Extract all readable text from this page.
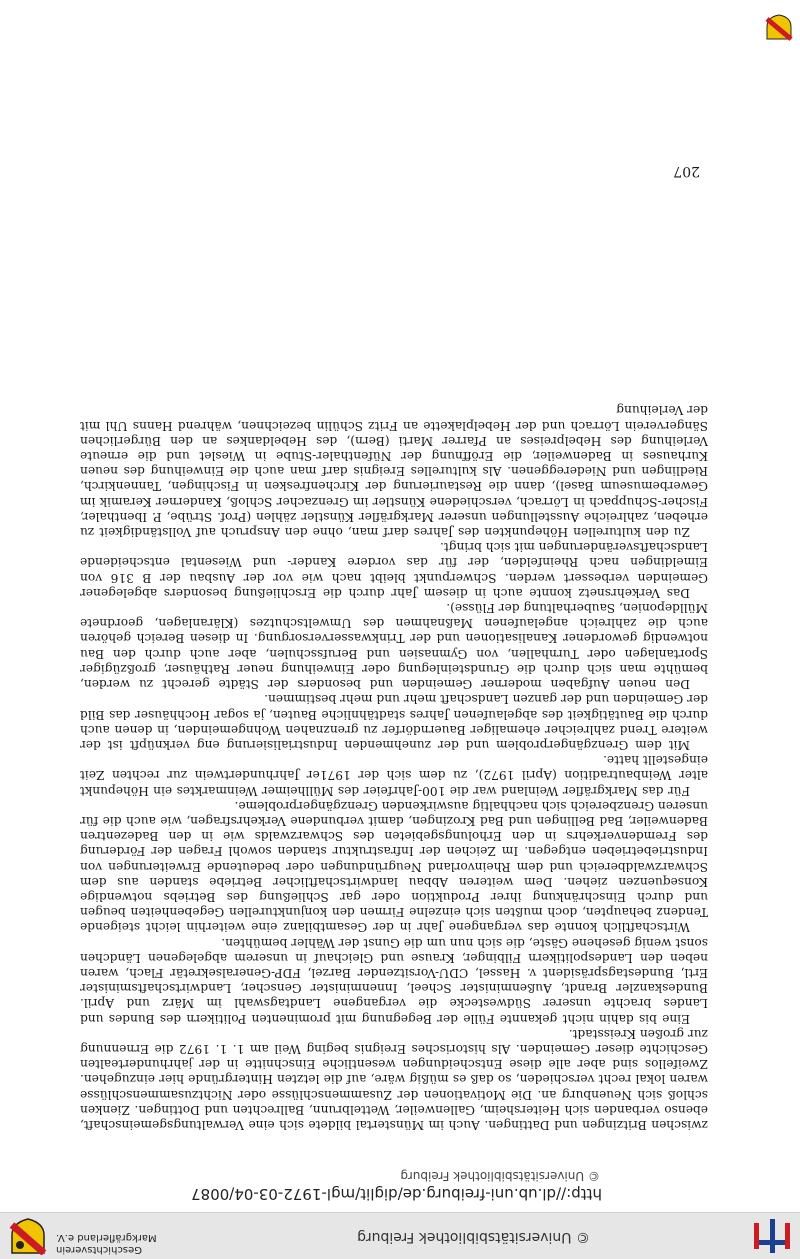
© Universitätsbibliothek Freiburg
Geschichtsverein
Markgräflerland e.V.
http://dl.ub.uni-freiburg.de/diglit/mgl-1972-03-04/0087
© Universitätsbibliothek Freiburg
207

zwischen Britzingen und Dattingen. Auch im Münstertal bildete sich eine Verwaltungsgemeinschaft, ebenso verbanden sich Heitersheim, Gallenweiler, Wettelbrunn, Ballrechten und Dottingen. Zienken schloß sich Neuenburg an. Die Motivationen der Zusammenschlüsse oder Nichtzusammenschlüsse waren lokal recht verschieden, so daß es müßig wäre, auf die letzten Hintergründe hier einzugehen. Zweifellos sind aber alle diese Entscheidungen wesentliche Einschnitte in der jahrhundertealten Geschichte dieser Gemeinden. Als historisches Ereignis beging Weil am 1. 1. 1972 die Ernennung zur großen Kreisstadt.

Eine bis dahin nicht gekannte Fülle der Begegnung mit prominenten Politikern des Bundes und Landes brachte unserer Südwestecke die vergangene Landtagswahl im März und April. Bundeskanzler Brandt, Außenminister Scheel, Innenminister Genscher, Landwirtschaftsminister Ertl, Bundestagspräsident v. Hassel, CDU-Vorsitzender Barzel, FDP-Generalsekretär Flach, waren neben den Landespolitikern Filbinger, Krause und Gleichauf in unserem abgelegenen Ländchen sonst wenig gesehene Gäste, die sich nun um die Gunst der Wähler bemühten.

Wirtschaftlich konnte das vergangene Jahr in der Gesamtbilanz eine weiterhin leicht steigende Tendenz behaupten, doch mußten sich einzelne Firmen den konjunkturellen Gegebenheiten beugen und durch Einschränkung ihrer Produktion oder gar Schließung des Betriebs notwendige Konsequenzen ziehen. Dem weiteren Abbau landwirtschaftlicher Betriebe standen aus dem Schwarzwaldbereich und dem Rheinvorland Neugründungen oder bedeutende Erweiterungen von Industriebetrieben entgegen. Im Zeichen der Infrastruktur standen sowohl Fragen der Förderung des Fremdenverkehrs in den Erholungsgebieten des Schwarzwalds wie in den Badezentren Badenweiler, Bad Bellingen und Bad Krozingen, damit verbundene Verkehrsfragen, wie auch die für unseren Grenzbereich sich nachhaltig auswirkenden Grenzgängerprobleme.

Für das Markgräfler Weinland war die 100-Jahrfeier des Müllheimer Weinmarktes ein Höhepunkt alter Weinbautradition (April 1972), zu dem sich der 1971er Jahrhundertwein zur rechten Zeit eingestellt hatte.

Mit dem Grenzgängerproblem und der zunehmenden Industrialisierung eng verknüpft ist der weitere Trend zahlreicher ehemaliger Bauerndörfer zu grenznahen Wohngemeinden, in denen auch durch die Bautätigkeit des abgelaufenen Jahres stadtähnliche Bauten, ja sogar Hochhäuser das Bild der Gemeinden und der ganzen Landschaft mehr und mehr bestimmen.

Den neuen Aufgaben moderner Gemeinden und besonders der Städte gerecht zu werden, bemühte man sich durch die Grundsteinlegung oder Einweihung neuer Rathäuser, großzügiger Sportanlagen oder Turnhallen, von Gymnasien und Berufsschulen, aber auch durch den Bau notwendig gewordener Kanalisationen und der Trinkwasserversorgung. In diesen Bereich gehören auch die zahlreich angelaufenen Maßnahmen des Umweltschutzes (Kläranlagen, geordnete Mülldeponien, Sauberhaltung der Flüsse).

Das Verkehrsnetz konnte auch in diesem Jahr durch die Erschließung besonders abgelegener Gemeinden verbessert werden. Schwerpunkt bleibt nach wie vor der Ausbau der B 316 von Eimeldingen nach Rheinfelden, der für das vordere Kander- und Wiesental entscheidende Landschaftsveränderungen mit sich bringt.

Zu den kulturellen Höhepunkten des Jahres darf man, ohne den Anspruch auf Vollständigkeit zu erheben, zahlreiche Ausstellungen unserer Markgräfler Künstler zählen (Prof. Strübe, P. Ibenthaler, Fischer-Schuppach in Lörrach, verschiedene Künstler im Grenzacher Schloß, Kanderner Keramik im Gewerbemuseum Basel), dann die Restaurierung der Kirchenfresken in Fischingen, Tannenkirch, Riedlingen und Niedereggenen. Als kulturelles Ereignis darf man auch die Einweihung des neuen Kurhauses in Badenweiler, die Eröffnung der Nüfenthaler-Stube in Wieslet und die erneute Verleihung des Hebelpreises an Pfarrer Marti (Bern), des Hebeldankes an den Bürgerlichen Sängerverein Lörrach und der Hebelplakette an Fritz Schülin bezeichnen, während Hanns Uhl mit der Verleihung
